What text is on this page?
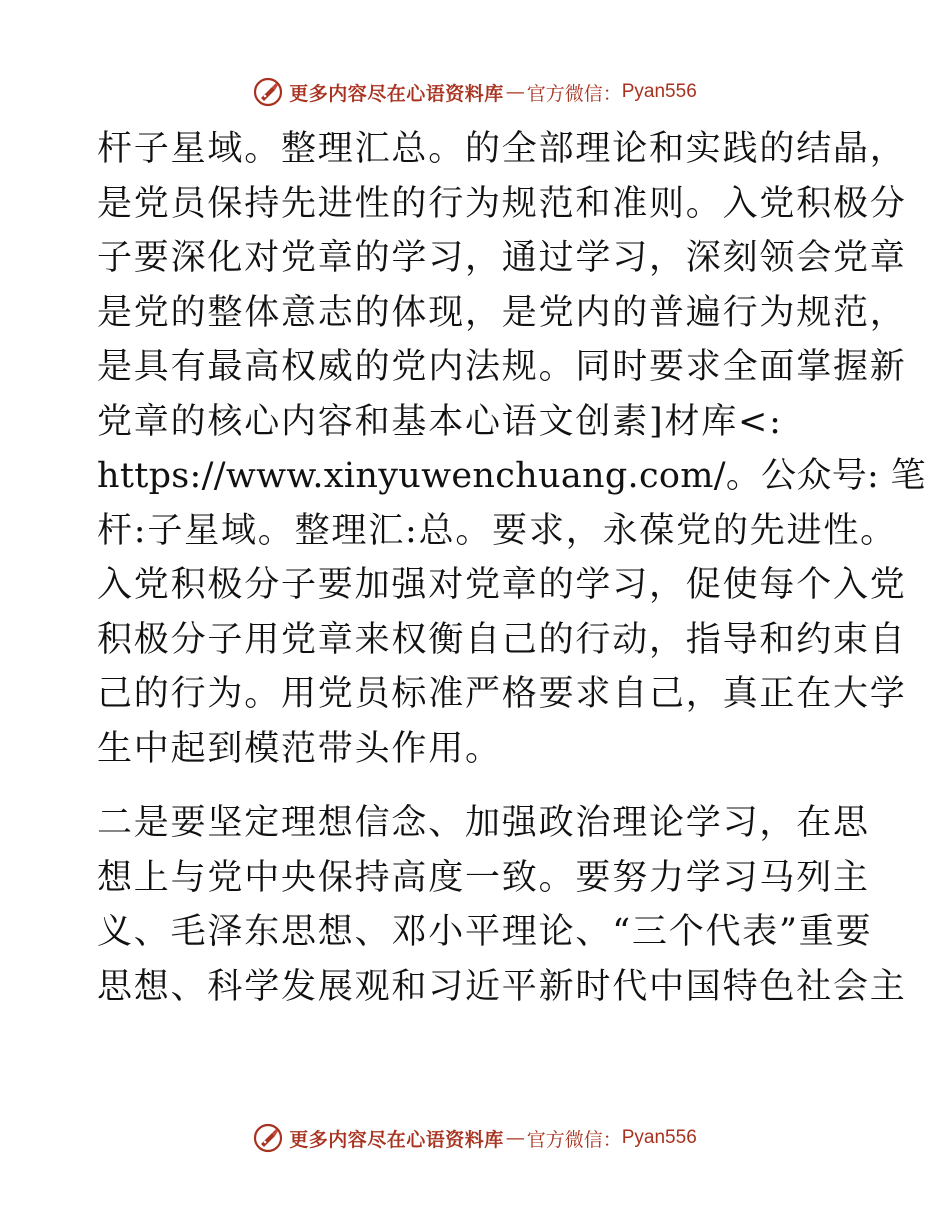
更多内容尽在心语资料库 — 官方微信： Pyan556
杆子星域。整理汇总。的全部理论和实践的结晶，
是党员保持先进性的行为规范和准则。入党积极分
子要深化对党章的学习，通过学习，深刻领会党章
是党的整体意志的体现，是党内的普遍行为规范，
是具有最高权威的党内法规。同时要求全面掌握新
党章的核心内容和基本心语文创素]材库<:
https://www.xinyuwenchuang.com/。公众号: 笔
杆:子星域。整理汇:总。要求，永葆党的先进性。
入党积极分子要加强对党章的学习，促使每个入党
积极分子用党章来权衡自己的行动，指导和约束自
己的行为。用党员标准严格要求自己，真正在大学
生中起到模范带头作用。
二是要坚定理想信念、加强政治理论学习，在思
想上与党中央保持高度一致。要努力学习马列主
义、毛泽东思想、邓小平理论、“三个代表”重要
思想、科学发展观和习近平新时代中国特色社会主
更多内容尽在心语资料库 — 官方微信： Pyan556
